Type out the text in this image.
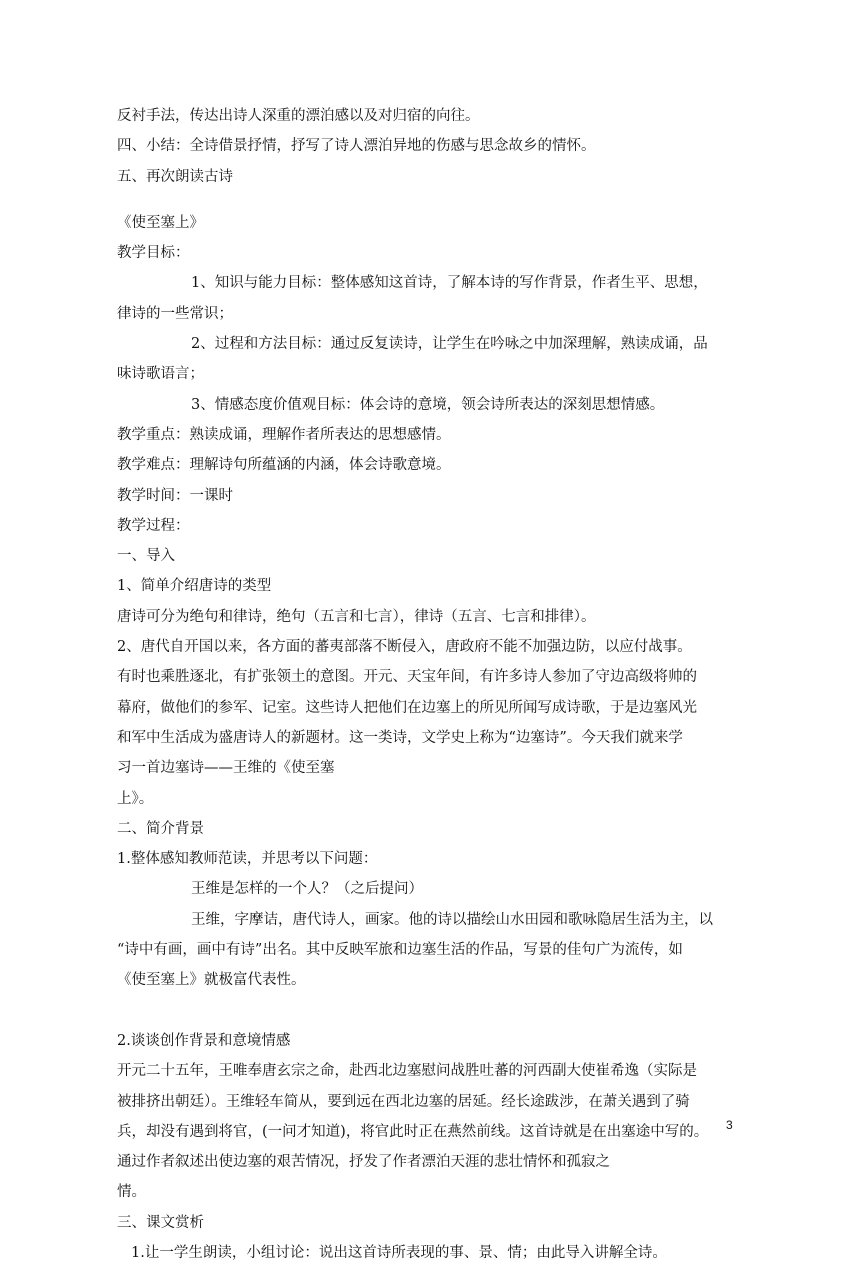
反衬手法，传达出诗人深重的漂泊感以及对归宿的向往。

四、小结：全诗借景抒情，抒写了诗人漂泊异地的伤感与思念故乡的情怀。

五、再次朗读古诗

《使至塞上》

教学目标：

1、知识与能力目标：整体感知这首诗，了解本诗的写作背景，作者生平、思想，

律诗的一些常识；

2、过程和方法目标：通过反复读诗，让学生在吟咏之中加深理解，熟读成诵，品

味诗歌语言；

3、情感态度价值观目标：体会诗的意境，领会诗所表达的深刻思想情感。

教学重点：熟读成诵，理解作者所表达的思想感情。

教学难点：理解诗句所蕴涵的内涵，体会诗歌意境。

教学时间：一课时

教学过程：

一、导入

1、简单介绍唐诗的类型

唐诗可分为绝句和律诗，绝句（五言和七言），律诗（五言、七言和排律）。

2、唐代自开国以来，各方面的蕃夷部落不断侵入，唐政府不能不加强边防，以应付战事。

有时也乘胜逐北，有扩张领土的意图。开元、天宝年间，有许多诗人参加了守边高级将帅的

幕府，做他们的参军、记室。这些诗人把他们在边塞上的所见所闻写成诗歌，于是边塞风光

和军中生活成为盛唐诗人的新题材。这一类诗，文学史上称为“边塞诗”。今天我们就来学

习一首边塞诗——王维的《使至塞

上》。

二、简介背景

1.整体感知教师范读，并思考以下问题：

王维是怎样的一个人？（之后提问）

王维，字摩诘，唐代诗人，画家。他的诗以描绘山水田园和歌咏隐居生活为主，以

“诗中有画，画中有诗”出名。其中反映军旅和边塞生活的作品，写景的佳句广为流传，如

《使至塞上》就极富代表性。

2.谈谈创作背景和意境情感

开元二十五年，王唯奉唐玄宗之命，赴西北边塞慰问战胜吐蕃的河西副大使崔希逸（实际是

被排挤出朝廷）。王维轻车简从，要到远在西北边塞的居延。经长途跋涉，在萧关遇到了骑

兵，却没有遇到将官，(一问才知道)，将官此时正在燕然前线。这首诗就是在出塞途中写的。

通过作者叙述出使边塞的艰苦情况，抒发了作者漂泊天涯的悲壮情怀和孤寂之

情。

三、课文赏析

1.让一学生朗读，小组讨论：说出这首诗所表现的事、景、情；由此导入讲解全诗。

3
